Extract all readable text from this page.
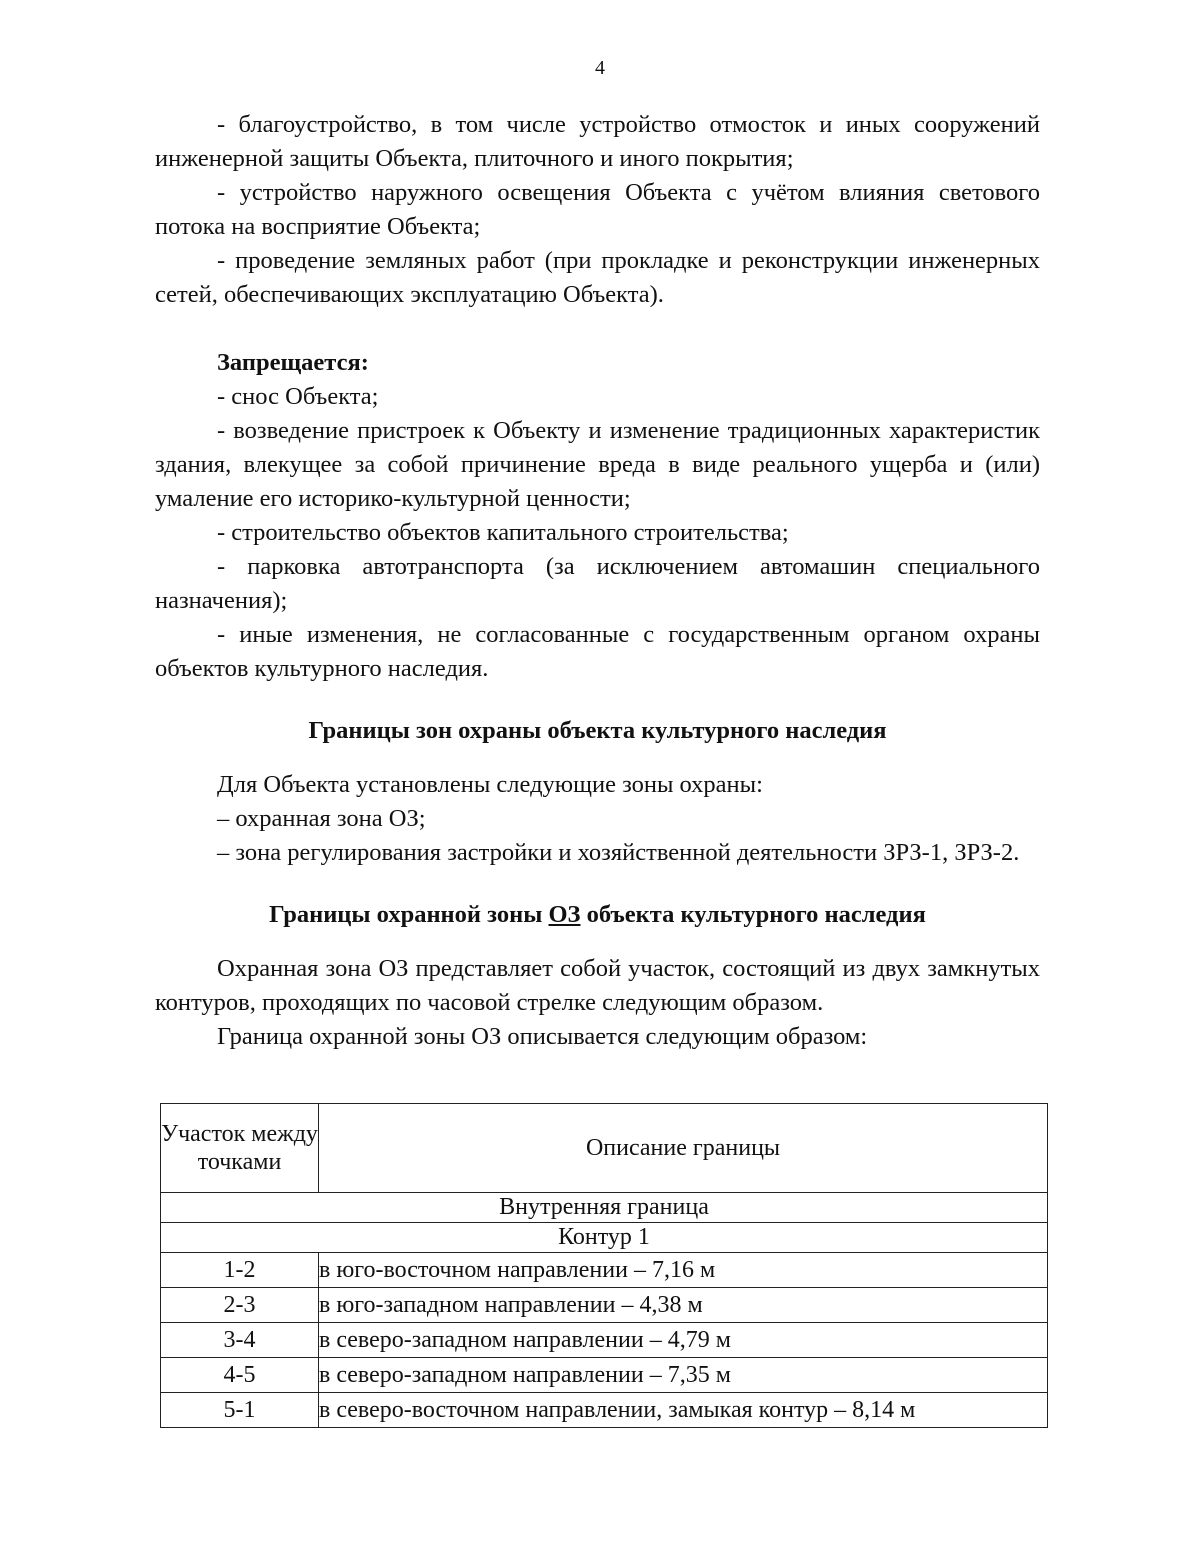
4

- благоустройство, в том числе устройство отмосток и иных сооружений инженерной защиты Объекта, плиточного и иного покрытия;

- устройство наружного освещения Объекта с учётом влияния светового потока на восприятие Объекта;

- проведение земляных работ (при прокладке и реконструкции инженерных сетей, обеспечивающих эксплуатацию Объекта).

Запрещается:

- снос Объекта;

- возведение пристроек к Объекту и изменение традиционных характеристик здания, влекущее за собой причинение вреда в виде реального ущерба и (или) умаление его историко-культурной ценности;

- строительство объектов капитального строительства;

- парковка автотранспорта (за исключением автомашин специального назначения);

- иные изменения, не согласованные с государственным органом охраны объектов культурного наследия.

Границы зон охраны объекта культурного наследия

Для Объекта установлены следующие зоны охраны:

– охранная зона ОЗ;

– зона регулирования застройки и хозяйственной деятельности ЗРЗ-1, ЗРЗ-2.

Границы охранной зоны ОЗ объекта культурного наследия

Охранная зона ОЗ представляет собой участок, состоящий из двух замкнутых контуров, проходящих по часовой стрелке следующим образом.

Граница охранной зоны ОЗ описывается следующим образом:

Участок между точками	Описание границы
Внутренняя граница	
Контур 1	
1-2	в юго-восточном направлении – 7,16 м
2-3	в юго-западном направлении – 4,38 м
3-4	в северо-западном направлении – 4,79 м
4-5	в северо-западном направлении – 7,35 м
5-1	в северо-восточном направлении, замыкая контур – 8,14 м
